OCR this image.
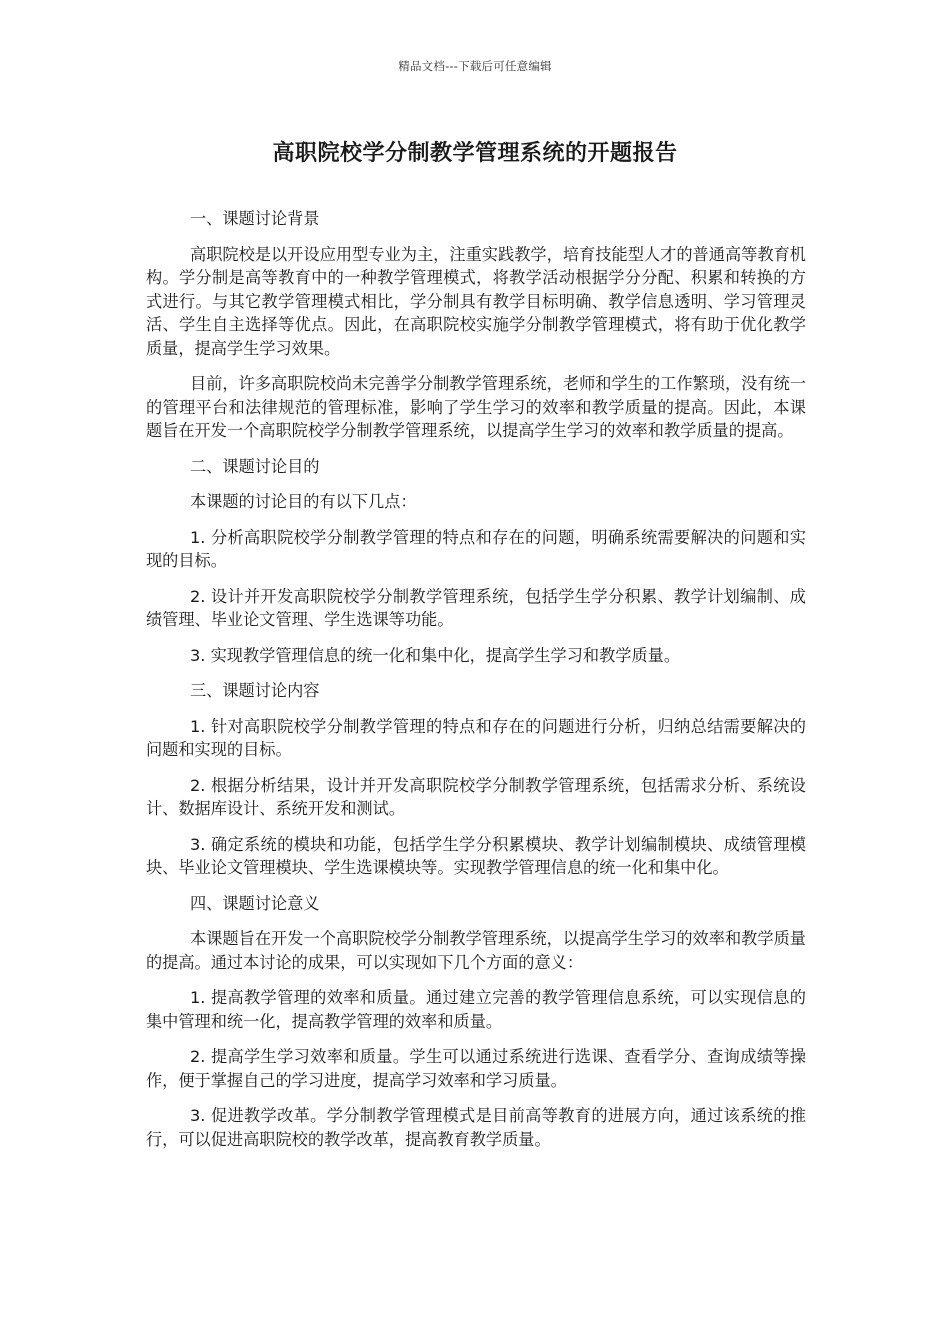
精品文档---下载后可任意编辑
高职院校学分制教学管理系统的开题报告

一、课题讨论背景

高职院校是以开设应用型专业为主，注重实践教学，培育技能型人才的普通高等教育机构。学分制是高等教育中的一种教学管理模式，将教学活动根据学分分配、积累和转换的方式进行。与其它教学管理模式相比，学分制具有教学目标明确、教学信息透明、学习管理灵活、学生自主选择等优点。因此，在高职院校实施学分制教学管理模式，将有助于优化教学质量，提高学生学习效果。

目前，许多高职院校尚未完善学分制教学管理系统，老师和学生的工作繁琐，没有统一的管理平台和法律规范的管理标准，影响了学生学习的效率和教学质量的提高。因此，本课题旨在开发一个高职院校学分制教学管理系统，以提高学生学习的效率和教学质量的提高。

二、课题讨论目的

本课题的讨论目的有以下几点：

1. 分析高职院校学分制教学管理的特点和存在的问题，明确系统需要解决的问题和实现的目标。

2. 设计并开发高职院校学分制教学管理系统，包括学生学分积累、教学计划编制、成绩管理、毕业论文管理、学生选课等功能。

3. 实现教学管理信息的统一化和集中化，提高学生学习和教学质量。

三、课题讨论内容

1. 针对高职院校学分制教学管理的特点和存在的问题进行分析，归纳总结需要解决的问题和实现的目标。

2. 根据分析结果，设计并开发高职院校学分制教学管理系统，包括需求分析、系统设计、数据库设计、系统开发和测试。

3. 确定系统的模块和功能，包括学生学分积累模块、教学计划编制模块、成绩管理模块、毕业论文管理模块、学生选课模块等。实现教学管理信息的统一化和集中化。

四、课题讨论意义

本课题旨在开发一个高职院校学分制教学管理系统，以提高学生学习的效率和教学质量的提高。通过本讨论的成果，可以实现如下几个方面的意义：

1. 提高教学管理的效率和质量。通过建立完善的教学管理信息系统，可以实现信息的集中管理和统一化，提高教学管理的效率和质量。

2. 提高学生学习效率和质量。学生可以通过系统进行选课、查看学分、查询成绩等操作，便于掌握自己的学习进度，提高学习效率和学习质量。

3. 促进教学改革。学分制教学管理模式是目前高等教育的进展方向，通过该系统的推行，可以促进高职院校的教学改革，提高教育教学质量。
